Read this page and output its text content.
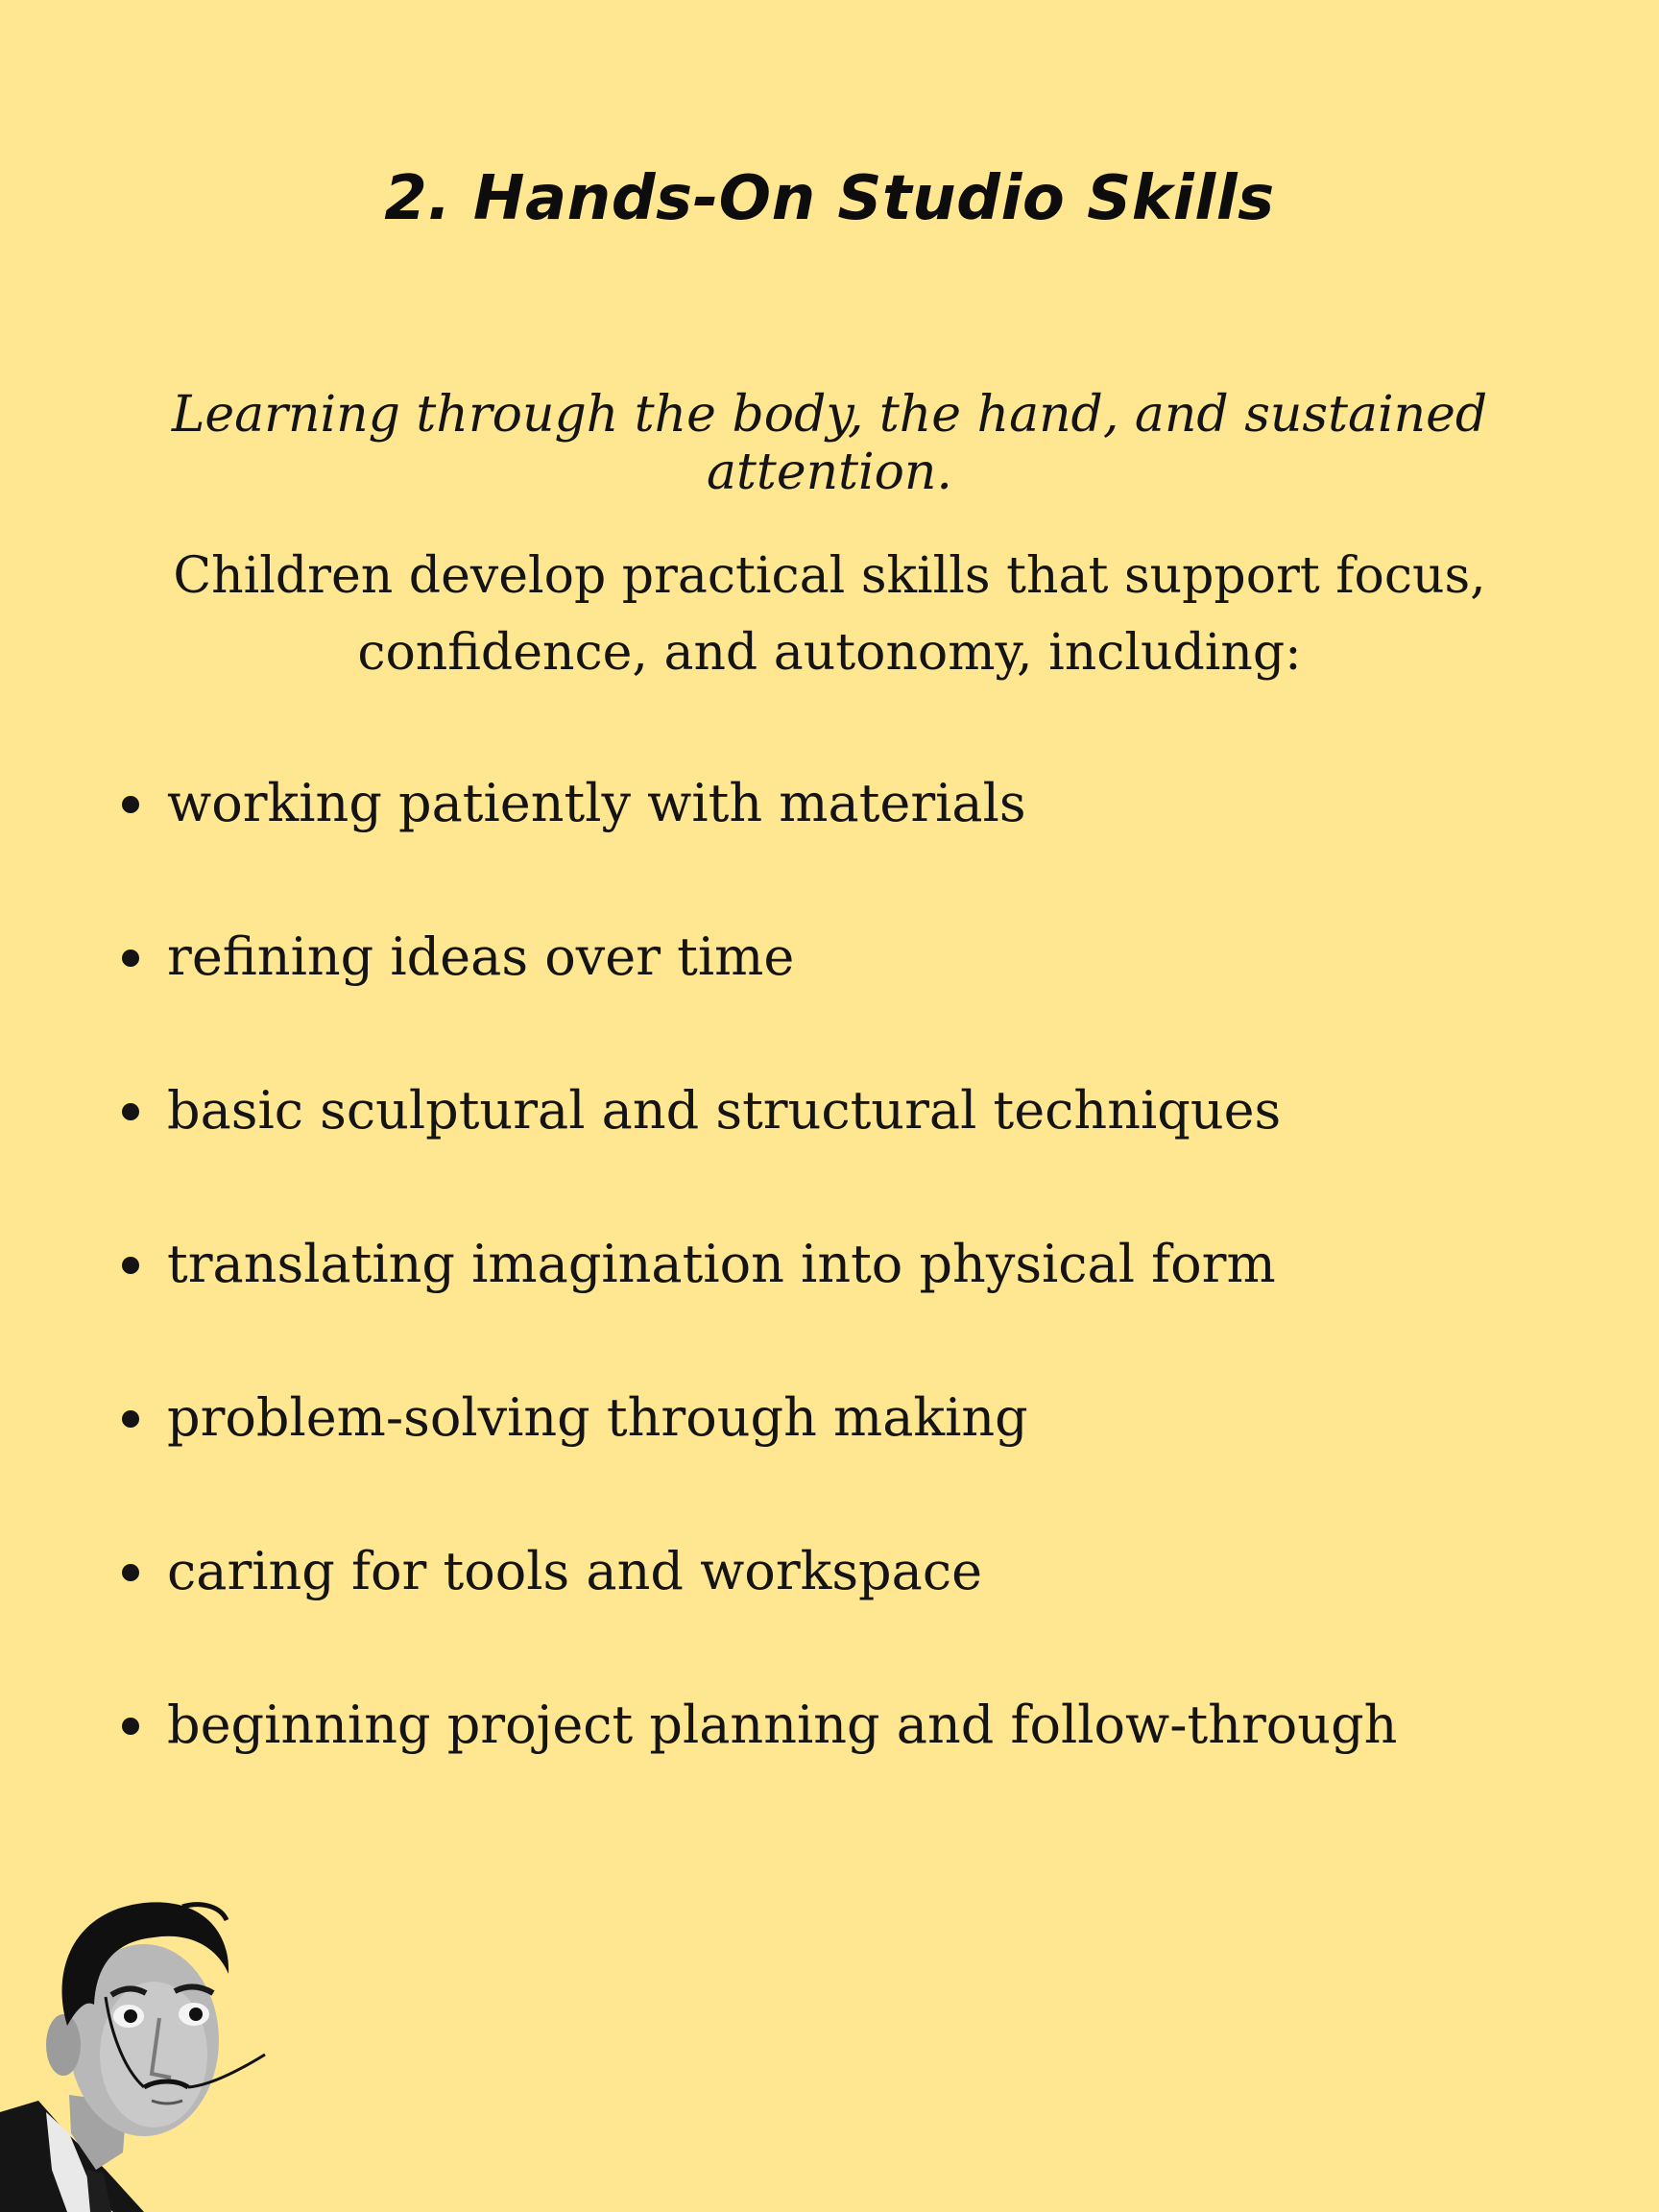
2. Hands-On Studio Skills

Learning through the body, the hand, and sustained attention.

Children develop practical skills that support focus, confidence, and autonomy, including:

working patiently with materials
refining ideas over time
basic sculptural and structural techniques
translating imagination into physical form
problem-solving through making
caring for tools and workspace
beginning project planning and follow-through
